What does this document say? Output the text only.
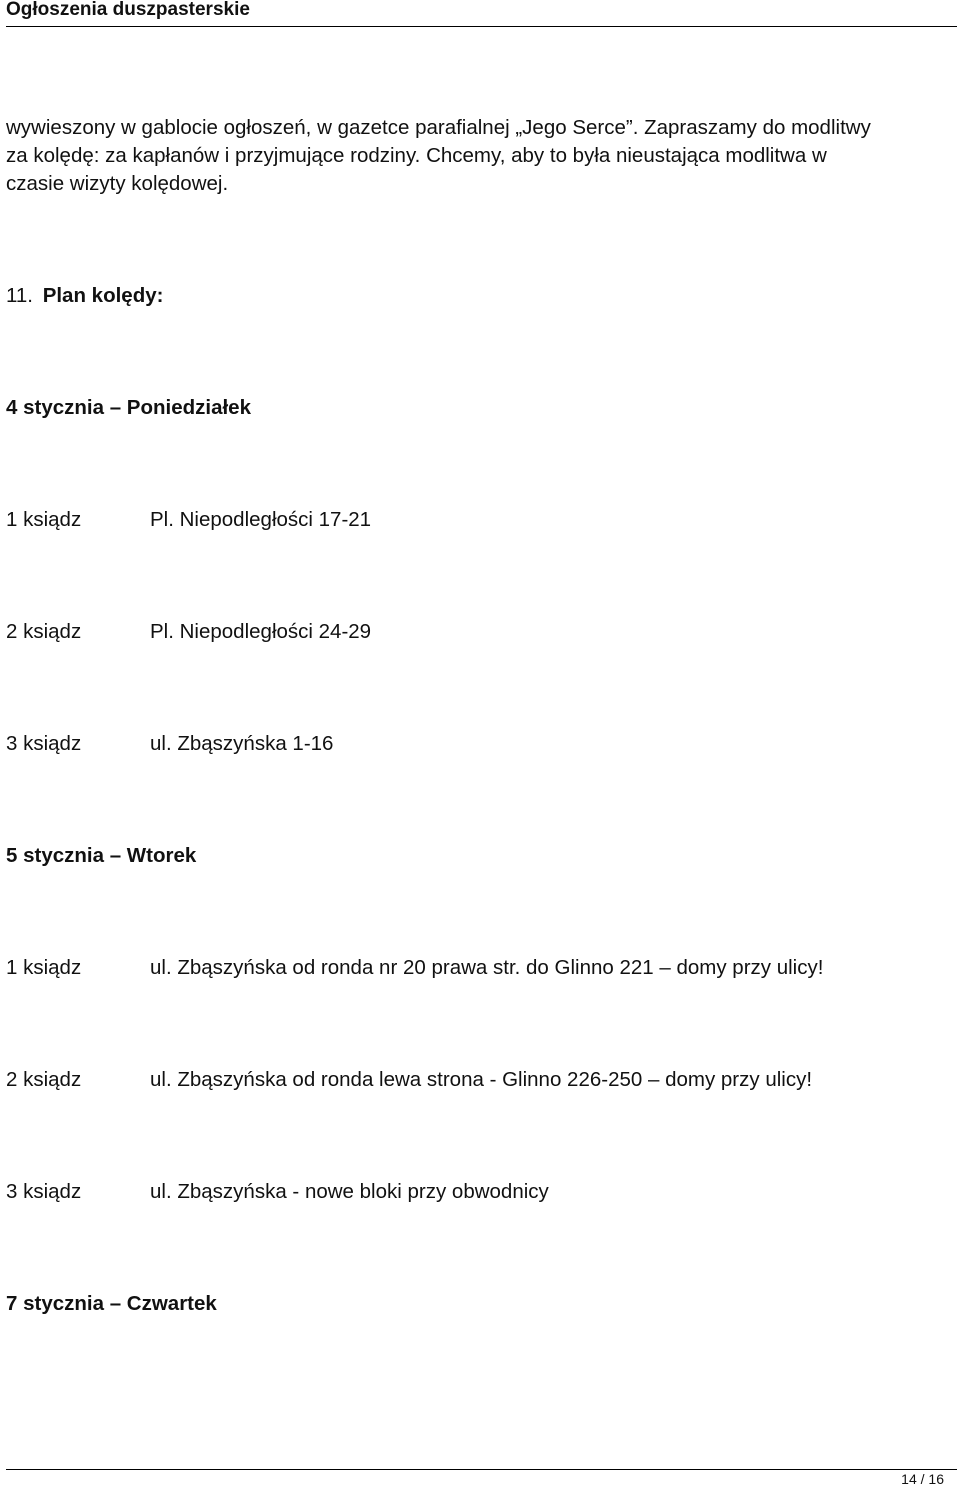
Ogłoszenia duszpasterskie
wywieszony w gablocie ogłoszeń, w gazetce parafialnej „Jego Serce”. Zapraszamy do modlitwy
za kolędę: za kapłanów i przyjmujące rodziny. Chcemy, aby to była nieustająca modlitwa w
czasie wizyty kolędowej.
11. Plan kolędy:
4 stycznia – Poniedziałek
1 ksiądz	Pl. Niepodległości 17-21
2 ksiądz	Pl. Niepodległości 24-29
3 ksiądz	ul. Zbąszyńska 1-16
5 stycznia – Wtorek
1 ksiądz	ul. Zbąszyńska od ronda nr 20 prawa str. do Glinno 221 – domy przy ulicy!
2 ksiądz	ul. Zbąszyńska od ronda lewa strona - Glinno 226-250 – domy przy ulicy!
3 ksiądz	ul. Zbąszyńska - nowe bloki przy obwodnicy
7 stycznia – Czwartek
14 / 16
